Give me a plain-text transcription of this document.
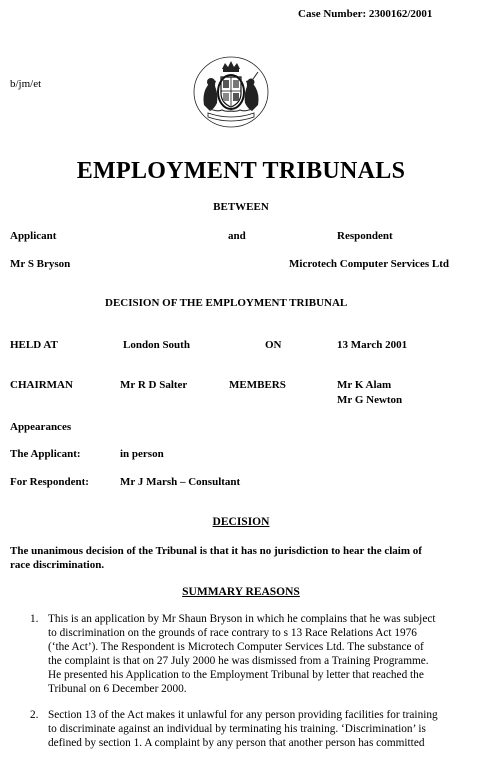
Case Number: 2300162/2001
b/jm/et
EMPLOYMENT TRIBUNALS
BETWEEN
Applicant	and	Respondent
Mr S Bryson	Microtech Computer Services Ltd
DECISION OF THE EMPLOYMENT TRIBUNAL
HELD AT	London South	ON	13 March 2001
CHAIRMAN	Mr R D Salter	MEMBERS	Mr K Alam
Mr G Newton
Appearances
The Applicant:	in person
For Respondent:	Mr J Marsh – Consultant
DECISION
The unanimous decision of the Tribunal is that it has no jurisdiction to hear the claim of
race discrimination.
SUMMARY REASONS
1. This is an application by Mr Shaun Bryson in which he complains that he was subject
to discrimination on the grounds of race contrary to s 13 Race Relations Act 1976
(‘the Act’). The Respondent is Microtech Computer Services Ltd. The substance of
the complaint is that on 27 July 2000 he was dismissed from a Training Programme.
He presented his Application to the Employment Tribunal by letter that reached the
Tribunal on 6 December 2000.
2. Section 13 of the Act makes it unlawful for any person providing facilities for training
to discriminate against an individual by terminating his training. ‘Discrimination’ is
defined by section 1. A complaint by any person that another person has committed
